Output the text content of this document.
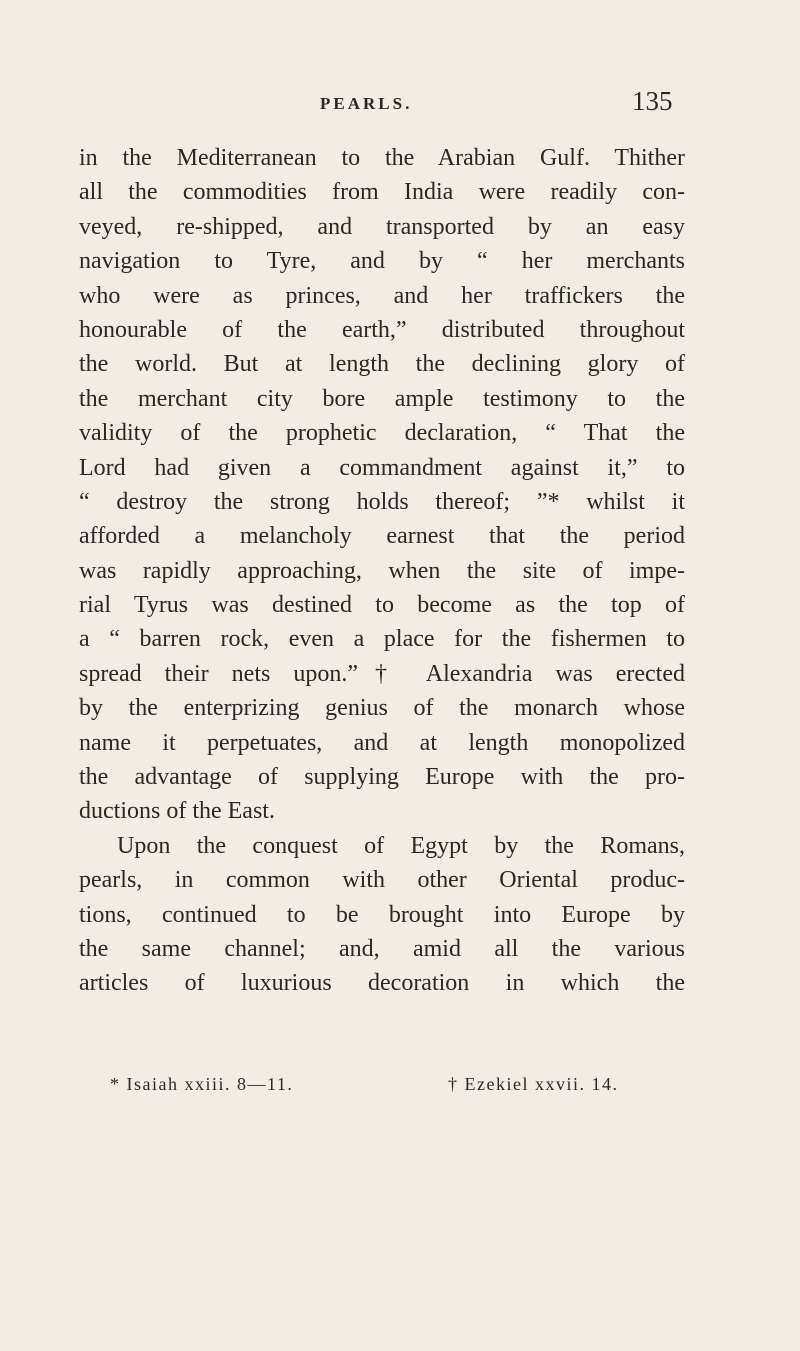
PEARLS.	135
in the Mediterranean to the Arabian Gulf. Thither
all the commodities from India were readily con-
veyed, re-shipped, and transported by an easy
navigation to Tyre, and by “ her merchants
who were as princes, and her traffickers the
honourable of the earth,” distributed throughout
the world. But at length the declining glory of
the merchant city bore ample testimony to the
validity of the prophetic declaration, “ That the
Lord had given a commandment against it,” to
“ destroy the strong holds thereof; ”* whilst it
afforded a melancholy earnest that the period
was rapidly approaching, when the site of impe-
rial Tyrus was destined to become as the top of
a “ barren rock, even a place for the fishermen to
spread their nets upon.”† Alexandria was erected
by the enterprizing genius of the monarch whose
name it perpetuates, and at length monopolized
the advantage of supplying Europe with the pro-
ductions of the East.
Upon the conquest of Egypt by the Romans,
pearls, in common with other Oriental produc-
tions, continued to be brought into Europe by
the same channel; and, amid all the various
articles of luxurious decoration in which the
* Isaiah xxiii. 8—11.	† Ezekiel xxvii. 14.
